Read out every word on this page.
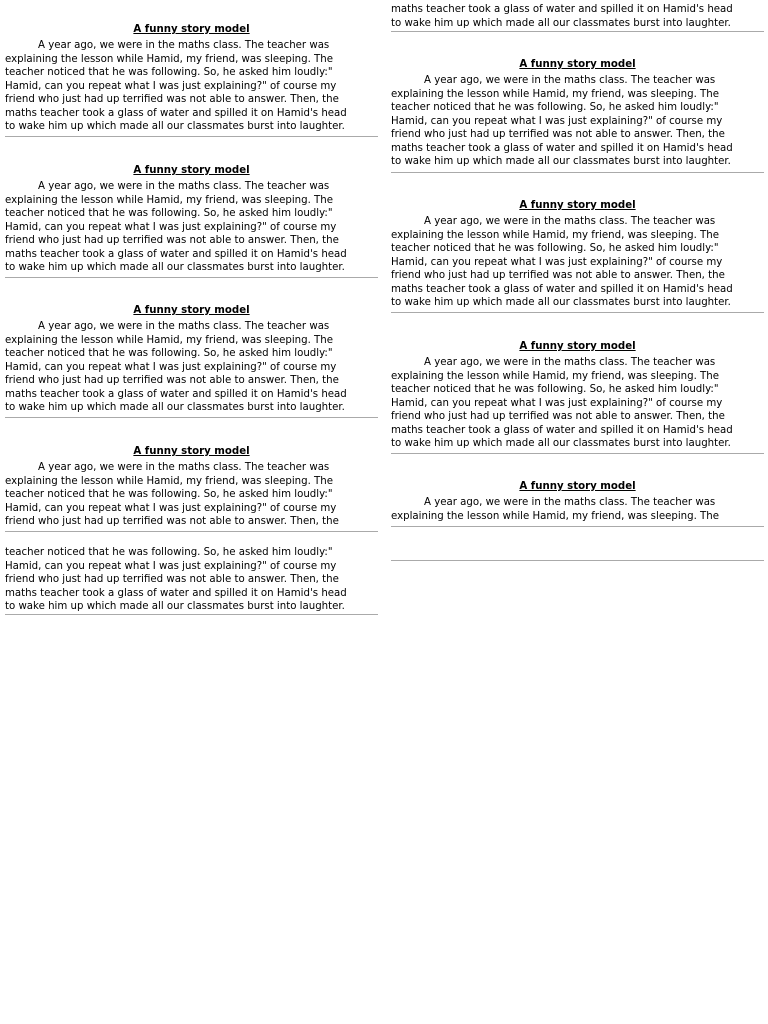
A funny story model

A year ago, we were in the maths class. The teacher was
explaining the lesson while Hamid, my friend, was sleeping. The
teacher noticed that he was following. So, he asked him loudly:"
Hamid, can you repeat what I was just explaining?" of course my
friend who just had up terrified was not able to answer. Then, the
maths teacher took a glass of water and spilled it on Hamid's head
to wake him up which made all our classmates burst into laughter.

A funny story model

A year ago, we were in the maths class. The teacher was
explaining the lesson while Hamid, my friend, was sleeping. The
teacher noticed that he was following. So, he asked him loudly:"
Hamid, can you repeat what I was just explaining?" of course my
friend who just had up terrified was not able to answer. Then, the
maths teacher took a glass of water and spilled it on Hamid's head
to wake him up which made all our classmates burst into laughter.

A funny story model

A year ago, we were in the maths class. The teacher was
explaining the lesson while Hamid, my friend, was sleeping. The
teacher noticed that he was following. So, he asked him loudly:"
Hamid, can you repeat what I was just explaining?" of course my
friend who just had up terrified was not able to answer. Then, the
maths teacher took a glass of water and spilled it on Hamid's head
to wake him up which made all our classmates burst into laughter.

A funny story model

A year ago, we were in the maths class. The teacher was
explaining the lesson while Hamid, my friend, was sleeping. The
teacher noticed that he was following. So, he asked him loudly:"
Hamid, can you repeat what I was just explaining?" of course my
friend who just had up terrified was not able to answer. Then, the

teacher noticed that he was following. So, he asked him loudly:"

Hamid, can you repeat what I was just explaining?" of course my

friend who just had up terrified was not able to answer. Then, the

maths teacher took a glass of water and spilled it on Hamid's head

to wake him up which made all our classmates burst into laughter.

maths teacher took a glass of water and spilled it on Hamid's head

to wake him up which made all our classmates burst into laughter.

A funny story model

A year ago, we were in the maths class. The teacher was
explaining the lesson while Hamid, my friend, was sleeping. The
teacher noticed that he was following. So, he asked him loudly:"
Hamid, can you repeat what I was just explaining?" of course my
friend who just had up terrified was not able to answer. Then, the
maths teacher took a glass of water and spilled it on Hamid's head
to wake him up which made all our classmates burst into laughter.

A funny story model

A year ago, we were in the maths class. The teacher was
explaining the lesson while Hamid, my friend, was sleeping. The
teacher noticed that he was following. So, he asked him loudly:"
Hamid, can you repeat what I was just explaining?" of course my
friend who just had up terrified was not able to answer. Then, the
maths teacher took a glass of water and spilled it on Hamid's head
to wake him up which made all our classmates burst into laughter.

A funny story model

A year ago, we were in the maths class. The teacher was
explaining the lesson while Hamid, my friend, was sleeping. The
teacher noticed that he was following. So, he asked him loudly:"
Hamid, can you repeat what I was just explaining?" of course my
friend who just had up terrified was not able to answer. Then, the
maths teacher took a glass of water and spilled it on Hamid's head
to wake him up which made all our classmates burst into laughter.

A funny story model

A year ago, we were in the maths class. The teacher was
explaining the lesson while Hamid, my friend, was sleeping. The
